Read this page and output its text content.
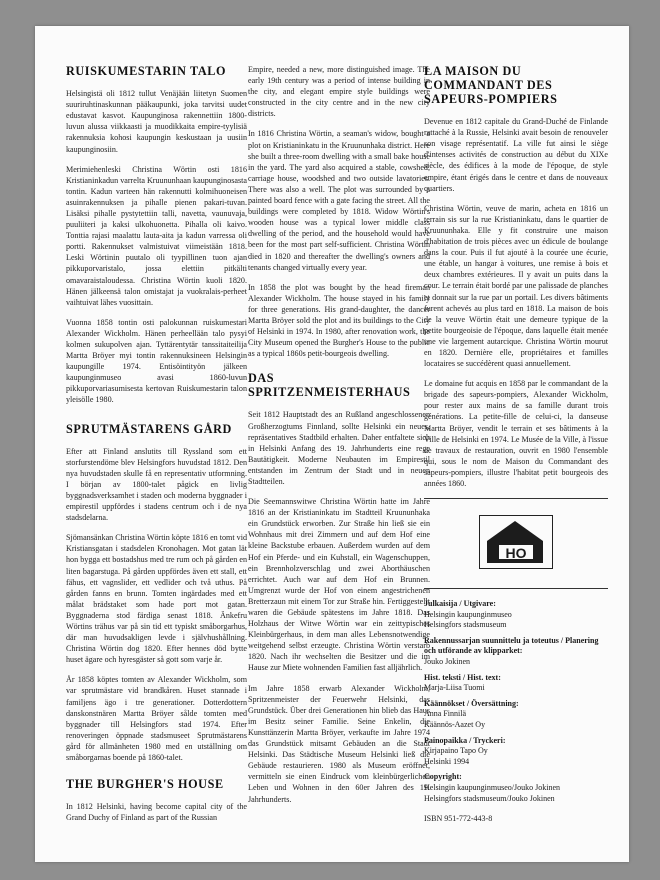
RUISKUMESTARIN TALO

Helsingistä oli 1812 tullut Venäjään liitetyn Suomen suuriruhtinaskunnan pääkaupunki, joka tarvitsi uudet edustavat kasvot. Kaupunginosa rakennettiin 1800-luvun alussa viikkaasti ja muodikkaita empire-tyylisiä rakennuksia kohosi kaupungin keskustaan ja uusiin kaupunginosiin.

Merimiehenleski Christina Wörtin osti 1816 Kristianinkadun varrelta Kruununhaan kaupunginosasta tontin. Kadun varteen hän rakennutti kolmihuoneisen asuinrakennuksen ja pihalle pienen pakari-tuvan. Lisäksi pihalle pystytettiin talli, navetta, vaunuvaja, puuliiteri ja kaksi ulkohuonetta. Pihalla oli kaivo. Tonttia rajasi maalattu lauta-aita ja kadun varressa oli portti. Rakennukset valmistuivat viimeistään 1818. Leski Wörtinin puutalo oli tyypillinen tuon ajan pikkuporvaristalo, jossa elettiin pitkälti omavaraistaloudessa. Christina Wörtin kuoli 1820. Hänen jälkeensä talon omistajat ja vuokralais-perheet vaihtuivat lähes vuosittain.

Vuonna 1858 tontin osti palokunnan ruiskumestari Alexander Wickholm. Hänen perheellään talo pysyi kolmen sukupolven ajan. Tyttärentytär tanssitaiteilija Martta Bröyer myi tontin rakennuksineen Helsingin kaupungille 1974. Entisöintityön jälkeen kaupunginmuseo avasi 1860-luvun pikkuporvariasumisesta kertovan Ruiskumestarin talon yleisölle 1980.

SPRUTMÄSTARENS GÅRD

Efter att Finland anslutits till Ryssland som ett storfurstendöme blev Helsingfors huvudstad 1812. Den nya huvudstaden skulle få en representativ utformning. I början av 1800-talet pågick en livlig byggnadsverksamhet i staden och moderna byggnader i empirestil uppfördes i stadens centrum och i de nya stadsdelarna.

Sjömansänkan Christina Wörtin köpte 1816 en tomt vid Kristiansgatan i stadsdelen Kronohagen. Mot gatan lät hon bygga ett bostadshus med tre rum och på gården en liten bagarstuga. På gården uppfördes även ett stall, ett fähus, ett vagnslider, ett vedlider och två uthus. På gården fanns en brunn. Tomten ingärdades med ett målat brädstaket som hade port mot gatan. Byggnaderna stod färdiga senast 1818. Änkefru Wörtins trähus var på sin tid ett typiskt småborgarhus, där man huvudsakligen levde i självhushållning. Christina Wörtin dog 1820. Efter hennes död bytte huset ägare och hyresgäster så gott som varje år.

År 1858 köptes tomten av Alexander Wickholm, som var sprutmästare vid brandkåren. Huset stannade i familjens ägo i tre generationer. Dotterdottern danskonstnären Martta Bröyer sålde tomten med byggnader till Helsingfors stad 1974. Efter renoveringen öppnade stadsmuseet Sprutmästarens gård för allmänheten 1980 med en utställning om småborgarnas boende på 1860-talet.

THE BURGHER'S HOUSE

In 1812 Helsinki, having become capital city of the Grand Duchy of Finland as part of the Russian

Empire, needed a new, more distinguished image. The early 19th century was a period of intense building in the city, and elegant empire style buildings were constructed in the city centre and in the new city districts.

In 1816 Christina Wörtin, a seaman's widow, bought a plot on Kristianinkatu in the Kruununhaka district. Here she built a three-room dwelling with a small bake house in the yard. The yard also acquired a stable, cowshed, carriage house, woodshed and two outside lavatories. There was also a well. The plot was surrounded by a painted board fence with a gate facing the street. All the buildings were completed by 1818. Widow Wörtin's wooden house was a typical lower middle class dwelling of the period, and the household would have been for the most part self-sufficient. Christina Wörtin died in 1820 and thereafter the dwelling's owners and tenants changed virtually every year.

In 1858 the plot was bought by the head fireman Alexander Wickholm. The house stayed in his family for three generations. His grand-daughter, the dancer Martta Bröyer sold the plot and its buildings to the City of Helsinki in 1974. In 1980, after renovation work, the City Museum opened the Burgher's House to the public as a typical 1860s petit-bourgeois dwelling.

DAS SPRITZENMEISTERHAUS

Seit 1812 Hauptstadt des an Rußland angeschlossenen Großherzogtums Finnland, sollte Helsinki ein neues, repräsentatives Stadtbild erhalten. Daher entfaltete sich in Helsinki Anfang des 19. Jahrhunderts eine rege Bautätigkeit. Moderne Neubauten im Empirestil entstanden im Zentrum der Stadt und in neuen Stadtteilen.

Die Seemannswitwe Christina Wörtin hatte im Jahre 1816 an der Kristianinkatu im Stadtteil Kruununhaka ein Grundstück erworben. Zur Straße hin ließ sie ein Wohnhaus mit drei Zimmern und auf dem Hof eine kleine Backstube erbauen. Außerdem wurden auf dem Hof ein Pferde- und ein Kuhstall, ein Wagenschuppen, ein Brennholzverschlag und zwei Aborthäuschen errichtet. Auch war auf dem Hof ein Brunnen. Umgrenzt wurde der Hof von einem angestrichenen Bretterzaun mit einem Tor zur Straße hin. Fertiggestellt waren die Gebäude spätestens im Jahre 1818. Das Holzhaus der Witwe Wörtin war ein zeittypisches Kleinbürgerhaus, in dem man alles Lebensnotwendige weitgehend selbst erzeugte. Christina Wörtin verstarb 1820. Nach ihr wechselten die Besitzer und die im Hause zur Miete wohnenden Familien fast alljährlich.

Im Jahre 1858 erwarb Alexander Wickholm, Spritzenmeister der Feuerwehr Helsinki, das Grundstück. Über drei Generationen hin blieb das Haus im Besitz seiner Familie. Seine Enkelin, die Kunsttänzerin Martta Bröyer, verkaufte im Jahre 1974 das Grundstück mitsamt Gebäuden an die Stadt Helsinki. Das Städtische Museum Helsinki ließ die Gebäude restaurieren. 1980 als Museum eröffnet, vermitteln sie einen Eindruck vom kleinbürgerlichen Leben und Wohnen in den 60er Jahren des 19. Jahrhunderts.

LA MAISON DU COMMANDANT DES SAPEURS-POMPIERS

Devenue en 1812 capitale du Grand-Duché de Finlande rattaché à la Russie, Helsinki avait besoin de renouveler son visage représentatif. La ville fut ainsi le siège d'intenses activités de construction au début du XIXe siècle, des édifices à la mode de l'époque, de style empire, étant érigés dans le centre et dans de nouveaux quartiers.

Christina Wörtin, veuve de marin, acheta en 1816 un terrain sis sur la rue Kristianinkatu, dans le quartier de Kruununhaka. Elle y fit construire une maison d'habitation de trois pièces avec un édicule de boulange dans la cour. Puis il fut ajouté à la courée une écurie, une étable, un hangar à voitures, une remise à bois et deux chambres extérieures. Il y avait un puits dans la cour. Le terrain était bordé par une palissade de planches et donnait sur la rue par un portail. Les divers bâtiments furent achevés au plus tard en 1818. La maison de bois de la veuve Wörtin était une demeure typique de la petite bourgeoisie de l'époque, dans laquelle était menée une vie largement autarcique. Christina Wörtin mourut en 1820. Dernière elle, propriétaires et familles locataires se succédèrent quasi annuellement.

Le domaine fut acquis en 1858 par le commandant de la brigade des sapeurs-pompiers, Alexander Wickholm, pour rester aux mains de sa famille durant trois générations. La petite-fille de celui-ci, la danseuse Martta Bröyer, vendit le terrain et ses bâtiments à la Ville de Helsinki en 1974. Le Musée de la Ville, à l'issue de travaux de restauration, ouvrit en 1980 l'ensemble qui, sous le nom de Maison du Commandant des sapeurs-pompiers, illustre l'habitat petit bourgeois des années 1860.

HO
Julkaisija / Utgivare:
Helsingin kaupunginmuseo
Helsingfors stadsmuseum
Rakennussarjan suunnittelu ja toteutus / Planering och utförande av klipparket:
Jouko Jokinen
Hist. teksti / Hist. text:
Marja-Liisa Tuomi
Käännökset / Översättning:
Anna Finnilä
Käännös-Aazet Oy
Painopaikka / Tryckeri:
Kirjapaino Tapo Oy
Helsinki 1994
Copyright:
Helsingin kaupunginmuseo/Jouko Jokinen
Helsingfors stadsmuseum/Jouko Jokinen
ISBN 951-772-443-8
